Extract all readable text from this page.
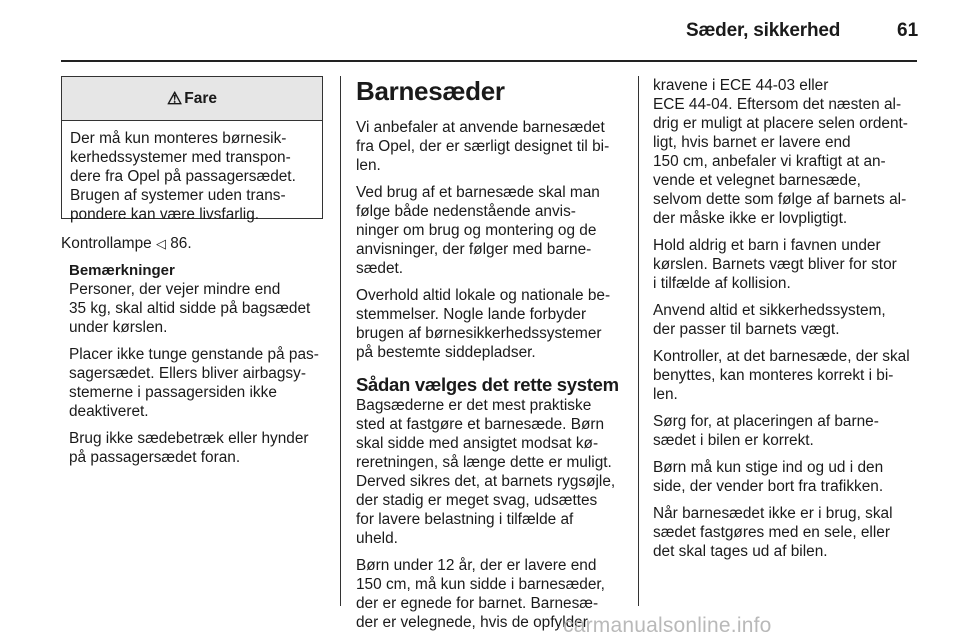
Sæder, sikkerhed	61
⚠ Fare
Der må kun monteres børnesik-
kerhedssystemer med transpon-
dere fra Opel på passagersædet.
Brugen af systemer uden trans-
pondere kan være livsfarlig.

Kontrollampe ◁ 86.

Bemærkninger

Personer, der vejer mindre end
35 kg, skal altid sidde på bagsædet
under kørslen.

Placer ikke tunge genstande på pas-
sagersædet. Ellers bliver airbagsy-
stemerne i passagersiden ikke
deaktiveret.

Brug ikke sædebetræk eller hynder
på passagersædet foran.

Barnesæder

Vi anbefaler at anvende barnesædet
fra Opel, der er særligt designet til bi-
len.

Ved brug af et barnesæde skal man
følge både nedenstående anvis-
ninger om brug og montering og de
anvisninger, der følger med barne-
sædet.

Overhold altid lokale og nationale be-
stemmelser. Nogle lande forbyder
brugen af børnesikkerhedssystemer
på bestemte siddepladser.

Sådan vælges det rette system

Bagsæderne er det mest praktiske
sted at fastgøre et barnesæde. Børn
skal sidde med ansigtet modsat kø-
reretningen, så længe dette er muligt.
Derved sikres det, at barnets rygsøjle,
der stadig er meget svag, udsættes
for lavere belastning i tilfælde af
uheld.

Børn under 12 år, der er lavere end
150 cm, må kun sidde i barnesæder,
der er egnede for barnet. Barnesæ-
der er velegnede, hvis de opfylder

kravene i ECE 44-03 eller
ECE 44-04. Eftersom det næsten al-
drig er muligt at placere selen ordent-
ligt, hvis barnet er lavere end
150 cm, anbefaler vi kraftigt at an-
vende et velegnet barnesæde,
selvom dette som følge af barnets al-
der måske ikke er lovpligtigt.

Hold aldrig et barn i favnen under
kørslen. Barnets vægt bliver for stor
i tilfælde af kollision.

Anvend altid et sikkerhedssystem,
der passer til barnets vægt.

Kontroller, at det barnesæde, der skal
benyttes, kan monteres korrekt i bi-
len.

Sørg for, at placeringen af barne-
sædet i bilen er korrekt.

Børn må kun stige ind og ud i den
side, der vender bort fra trafikken.

Når barnesædet ikke er i brug, skal
sædet fastgøres med en sele, eller
det skal tages ud af bilen.

carmanualsonline.info
